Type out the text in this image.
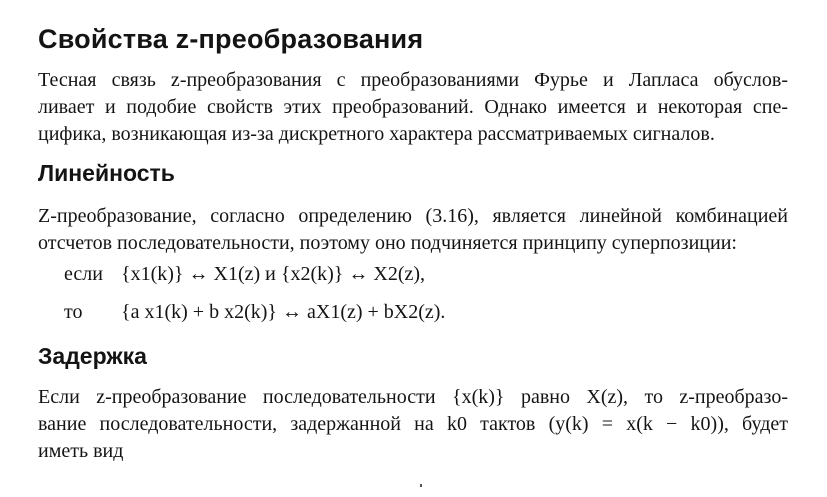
Свойства z-преобразования
Тесная связь z-преобразования с преобразованиями Фурье и Лапласа обуслов-
ливает и подобие свойств этих преобразований. Однако имеется и некоторая спе-
цифика, возникающая из-за дискретного характера рассматриваемых сигналов.
Линейность
Z-преобразование, согласно определению (3.16), является линейной комбинацией
отсчетов последовательности, поэтому оно подчиняется принципу суперпозиции:
если {x1(k)} ↔ X1(z) и {x2(k)} ↔ X2(z),
то {a x1(k) + b x2(k)} ↔ aX1(z) + bX2(z).
Задержка
Если z-преобразование последовательности {x(k)} равно X(z), то z-преобразо-
вание последовательности, задержанной на k0 тактов (y(k) = x(k − k0)), будет
иметь вид
